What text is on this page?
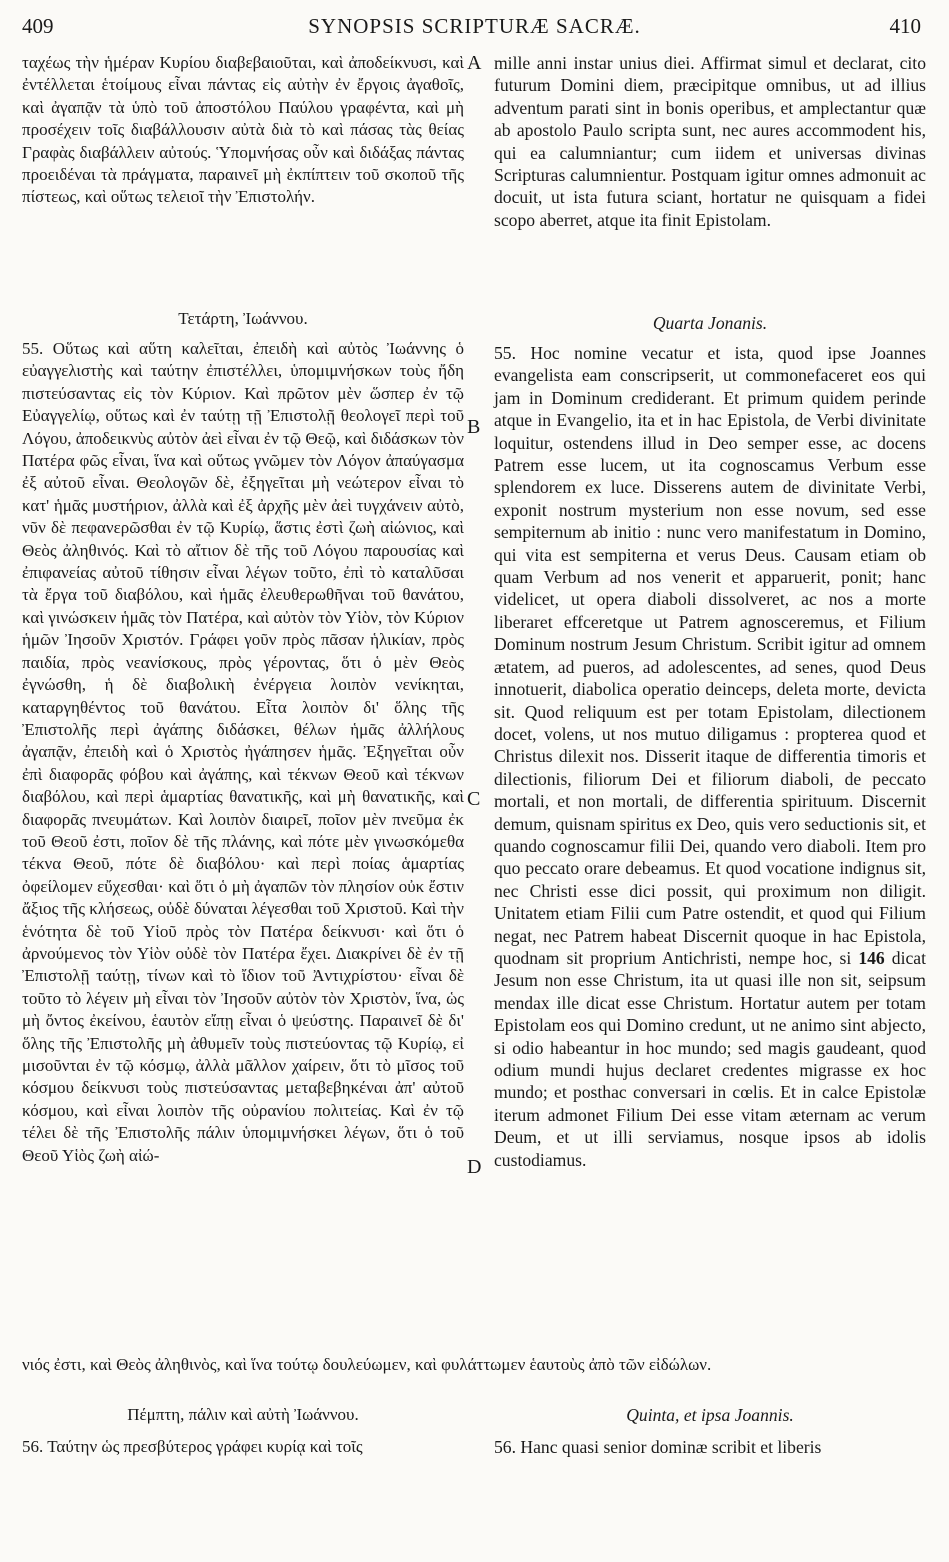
409	SYNOPSIS SCRIPTURÆ SACRÆ.	410

ταχέως τὴν ἡμέραν Κυρίου διαβεβαιοῦται, καὶ ἀποδείκνυσι, καὶ ἐντέλλεται ἑτοίμους εἶναι πάντας εἰς αὐτὴν ἐν ἔργοις ἀγαθοῖς, καὶ ἀγαπᾷν τὰ ὑπὸ τοῦ ἀποστόλου Παύλου γραφέντα, καὶ μὴ προσέχειν τοῖς διαβάλλουσιν αὐτὰ διὰ τὸ καὶ πάσας τὰς θείας Γραφὰς διαβάλλειν αὐτούς. Ὑπομνήσας οὖν καὶ διδάξας πάντας προειδέναι τὰ πράγματα, παραινεῖ μὴ ἐκπίπτειν τοῦ σκοποῦ τῆς πίστεως, καὶ οὕτως τελειοῖ τὴν Ἐπιστολήν.

Τετάρτη, Ἰωάννου.

55. Οὕτως καὶ αὕτη καλεῖται, ἐπειδὴ καὶ αὐτὸς Ἰωάννης ὁ εὐαγγελιστὴς καὶ ταύτην ἐπιστέλλει, ὑπομιμνήσκων τοὺς ἤδη πιστεύσαντας εἰς τὸν Κύριον. Καὶ πρῶτον μὲν ὥσπερ ἐν τῷ Εὐαγγελίῳ, οὕτως καὶ ἐν ταύτῃ τῇ Ἐπιστολῇ θεολογεῖ περὶ τοῦ Λόγου, ἀποδεικνὺς αὐτὸν ἀεὶ εἶναι ἐν τῷ Θεῷ, καὶ διδάσκων τὸν Πατέρα φῶς εἶναι, ἵνα καὶ οὕτως γνῶμεν τὸν Λόγον ἀπαύγασμα ἐξ αὐτοῦ εἶναι. Θεολογῶν δὲ, ἐξηγεῖται μὴ νεώτερον εἶναι τὸ κατ' ἡμᾶς μυστήριον, ἀλλὰ καὶ ἐξ ἀρχῆς μὲν ἀεὶ τυγχάνειν αὐτὸ, νῦν δὲ πεφανερῶσθαι ἐν τῷ Κυρίῳ, ἅστις ἐστὶ ζωὴ αἰώνιος, καὶ Θεὸς ἀληθινός. Καὶ τὸ αἴτιον δὲ τῆς τοῦ Λόγου παρουσίας καὶ ἐπιφανείας αὐτοῦ τίθησιν εἶναι λέγων τοῦτο, ἐπὶ τὸ καταλῦσαι τὰ ἔργα τοῦ διαβόλου, καὶ ἡμᾶς ἐλευθερωθῆναι τοῦ θανάτου, καὶ γινώσκειν ἡμᾶς τὸν Πατέρα, καὶ αὐτὸν τὸν Υἱὸν, τὸν Κύριον ἡμῶν Ἰησοῦν Χριστόν. Γράφει γοῦν πρὸς πᾶσαν ἡλικίαν, πρὸς παιδία, πρὸς νεανίσκους, πρὸς γέροντας, ὅτι ὁ μὲν Θεὸς ἐγνώσθη, ἡ δὲ διαβολικὴ ἐνέργεια λοιπὸν νενίκηται, καταργηθέντος τοῦ θανάτου. Εἶτα λοιπὸν δι' ὅλης τῆς Ἐπιστολῆς περὶ ἀγάπης διδάσκει, θέλων ἡμᾶς ἀλλήλους ἀγαπᾷν, ἐπειδὴ καὶ ὁ Χριστὸς ἠγάπησεν ἡμᾶς. Ἐξηγεῖται οὖν ἐπὶ διαφορᾶς φόβου καὶ ἀγάπης, καὶ τέκνων Θεοῦ καὶ τέκνων διαβόλου, καὶ περὶ ἁμαρτίας θανατικῆς, καὶ μὴ θανατικῆς, καὶ διαφορᾶς πνευμάτων. Καὶ λοιπὸν διαιρεῖ, ποῖον μὲν πνεῦμα ἐκ τοῦ Θεοῦ ἐστι, ποῖον δὲ τῆς πλάνης, καὶ πότε μὲν γινωσκόμεθα τέκνα Θεοῦ, πότε δὲ διαβόλου· καὶ περὶ ποίας ἁμαρτίας ὀφείλομεν εὔχεσθαι· καὶ ὅτι ὁ μὴ ἀγαπῶν τὸν πλησίον οὐκ ἔστιν ἄξιος τῆς κλήσεως, οὐδὲ δύναται λέγεσθαι τοῦ Χριστοῦ. Καὶ τὴν ἑνότητα δὲ τοῦ Υἱοῦ πρὸς τὸν Πατέρα δείκνυσι· καὶ ὅτι ὁ ἀρνούμενος τὸν Υἱὸν οὐδὲ τὸν Πατέρα ἔχει. Διακρίνει δὲ ἐν τῇ Ἐπιστολῇ ταύτῃ, τίνων καὶ τὸ ἴδιον τοῦ Ἀντιχρίστου· εἶναι δὲ τοῦτο τὸ λέγειν μὴ εἶναι τὸν Ἰησοῦν αὐτὸν τὸν Χριστὸν, ἵνα, ὡς μὴ ὄντος ἐκείνου, ἑαυτὸν εἴπῃ εἶναι ὁ ψεύστης. Παραινεῖ δὲ δι' ὅλης τῆς Ἐπιστολῆς μὴ ἀθυμεῖν τοὺς πιστεύοντας τῷ Κυρίῳ, εἰ μισοῦνται ἐν τῷ κόσμῳ, ἀλλὰ μᾶλλον χαίρειν, ὅτι τὸ μῖσος τοῦ κόσμου δείκνυσι τοὺς πιστεύσαντας μεταβεβηκέναι ἀπ' αὐτοῦ κόσμου, καὶ εἶναι λοιπὸν τῆς οὐρανίου πολιτείας. Καὶ ἐν τῷ τέλει δὲ τῆς Ἐπιστολῆς πάλιν ὑπομιμνήσκει λέγων, ὅτι ὁ τοῦ Θεοῦ Υἱὸς ζωὴ αἰώ-

mille anni instar unius diei. Affirmat simul et declarat, cito futurum Domini diem, præcipitque omnibus, ut ad illius adventum parati sint in bonis operibus, et amplectantur quæ ab apostolo Paulo scripta sunt, nec aures accommodent his, qui ea calumniantur; cum iidem et universas divinas Scripturas calumnientur. Postquam igitur omnes admonuit ac docuit, ut ista futura sciant, hortatur ne quisquam a fidei scopo aberret, atque ita finit Epistolam.

Quarta Jonanis.

55. Hoc nomine vecatur et ista, quod ipse Joannes evangelista eam conscripserit, ut commonefaceret eos qui jam in Dominum crediderant. Et primum quidem perinde atque in Evangelio, ita et in hac Epistola, de Verbi divinitate loquitur, ostendens illud in Deo semper esse, ac docens Patrem esse lucem, ut ita cognoscamus Verbum esse splendorem ex luce. Disserens autem de divinitate Verbi, exponit nostrum mysterium non esse novum, sed esse sempiternum ab initio : nunc vero manifestatum in Domino, qui vita est sempiterna et verus Deus. Causam etiam ob quam Verbum ad nos venerit et apparuerit, ponit; hanc videlicet, ut opera diaboli dissolveret, ac nos a morte liberaret effceretque ut Patrem agnosceremus, et Filium Dominum nostrum Jesum Christum. Scribit igitur ad omnem ætatem, ad pueros, ad adolescentes, ad senes, quod Deus innotuerit, diabolica operatio deinceps, deleta morte, devicta sit. Quod reliquum est per totam Epistolam, dilectionem docet, volens, ut nos mutuo diligamus : propterea quod et Christus dilexit nos. Disserit itaque de differentia timoris et dilectionis, filiorum Dei et filiorum diaboli, de peccato mortali, et non mortali, de differentia spirituum. Discernit demum, quisnam spiritus ex Deo, quis vero seductionis sit, et quando cognoscamur filii Dei, quando vero diaboli. Item pro quo peccato orare debeamus. Et quod vocatione indignus sit, nec Christi esse dici possit, qui proximum non diligit. Unitatem etiam Filii cum Patre ostendit, et quod qui Filium negat, nec Patrem habeat Discernit quoque in hac Epistola, quodnam sit proprium Antichristi, nempe hoc, si 146 dicat Jesum non esse Christum, ita ut quasi ille non sit, seipsum mendax ille dicat esse Christum. Hortatur autem per totam Epistolam eos qui Domino credunt, ut ne animo sint abjecto, si odio habeantur in hoc mundo; sed magis gaudeant, quod odium mundi hujus declaret credentes migrasse ex hoc mundo; et posthac conversari in cœlis. Et in calce Epistolæ iterum admonet Filium Dei esse vitam æternam ac verum Deum, et ut illi serviamus, nosque ipsos ab idolis custodiamus.

A
B
C
D
νιός ἐστι, καὶ Θεὸς ἀληθινὸς, καὶ ἵνα τούτῳ δουλεύωμεν, καὶ φυλάττωμεν ἑαυτοὺς ἀπὸ τῶν εἰδώλων.

Πέμπτη, πάλιν καὶ αὐτὴ Ἰωάννου.

56. Ταύτην ὡς πρεσβύτερος γράφει κυρίᾳ καὶ τοῖς

Quinta, et ipsa Joannis.

56. Hanc quasi senior dominæ scribit et liberis
